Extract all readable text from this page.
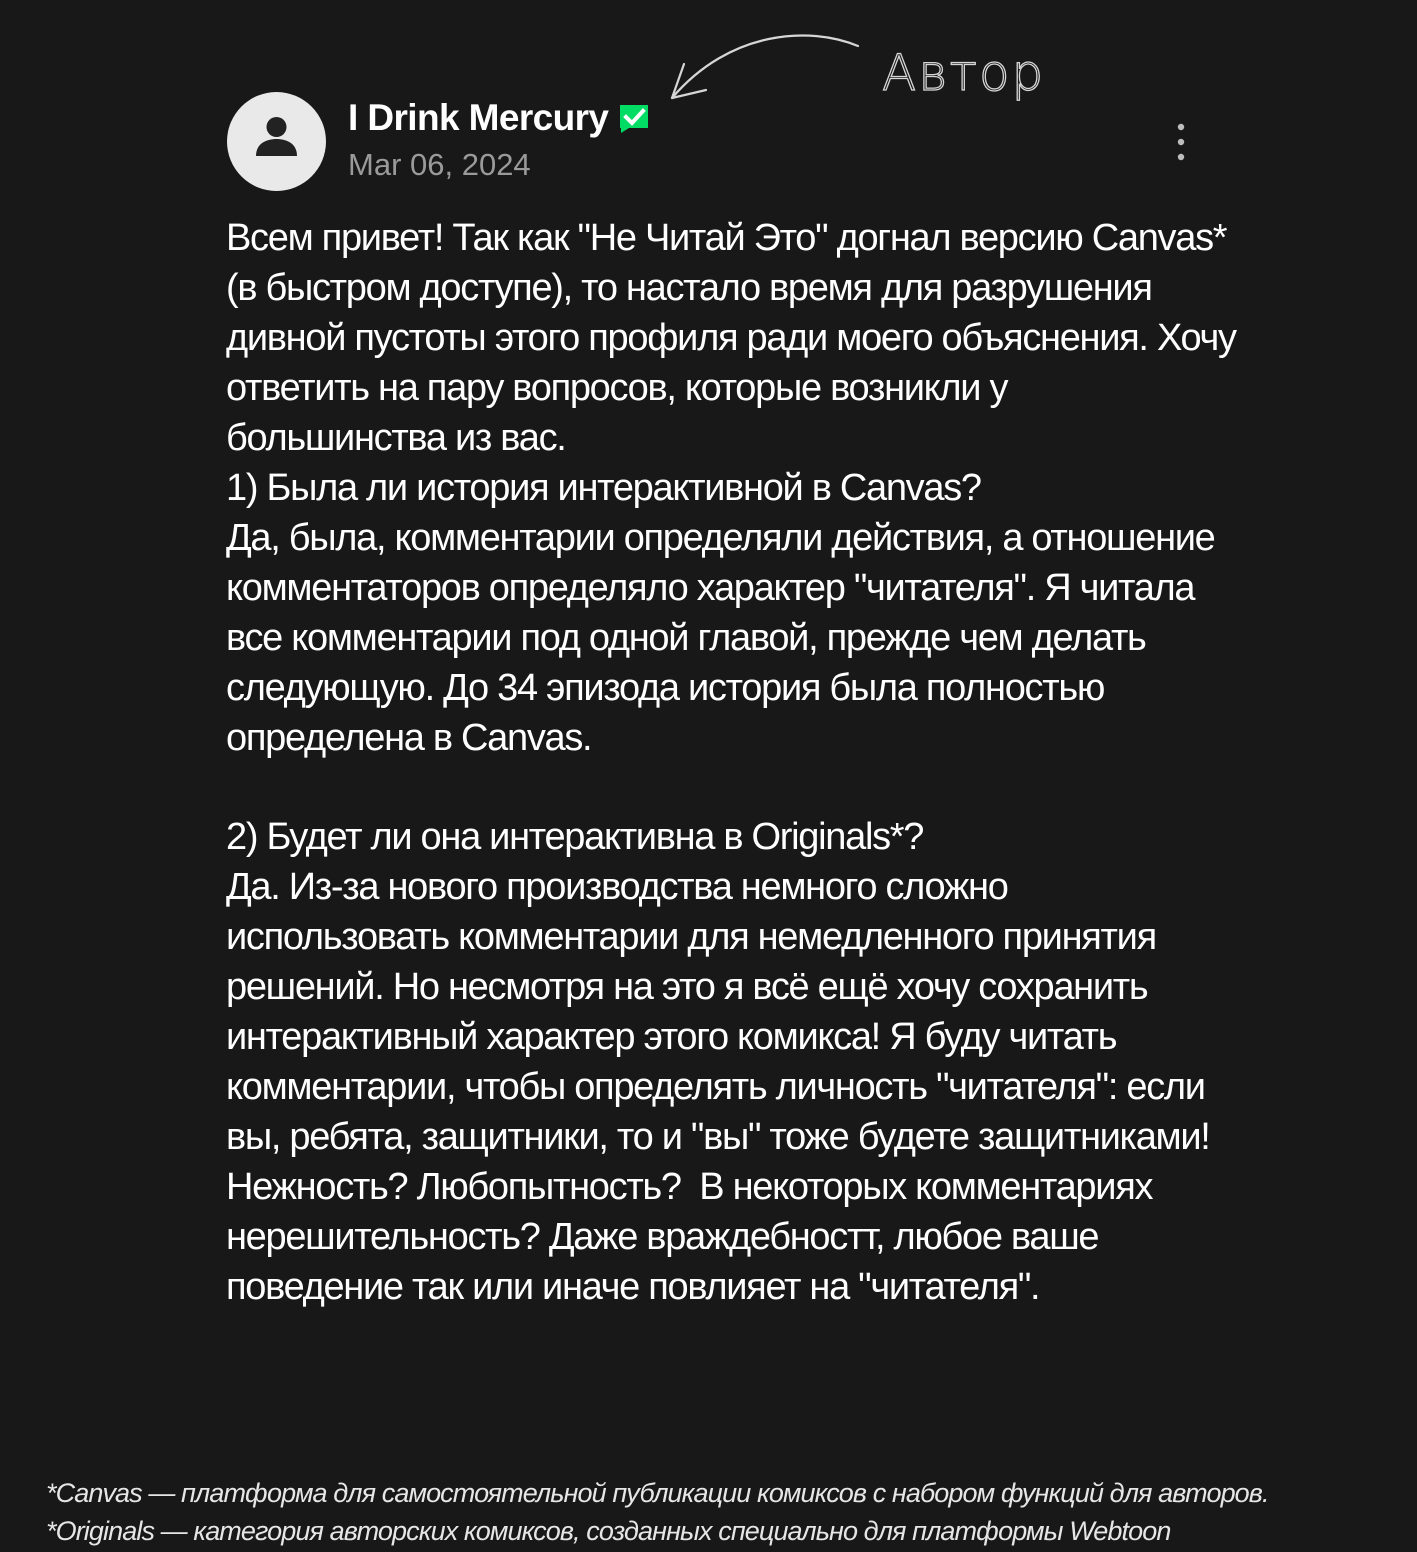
I Drink Mercury
Mar 06, 2024
Автор
Всем привет! Так как "Не Читай Это" догнал версию Canvas* (в быстром доступе), то настало время для разрушения дивной пустоты этого профиля ради моего объяснения. Хочу ответить на пару вопросов, которые возникли у большинства из вас.
1) Была ли история интерактивной в Canvas?
Да, была, комментарии определяли действия, а отношение комментаторов определяло характер "читателя". Я читала все комментарии под одной главой, прежде чем делать следующую. До 34 эпизода история была полностью определена в Canvas.

2) Будет ли она интерактивна в Originals*?
Да. Из-за нового производства немного сложно использовать комментарии для немедленного принятия решений. Но несмотря на это я всё ещё хочу сохранить интерактивный характер этого комикса! Я буду читать комментарии, чтобы определять личность "читателя": если вы, ребята, защитники, то и "вы" тоже будете защитниками! Нежность? Любопытность?  В некоторых комментариях нерешительность? Даже враждебностт, любое ваше поведение так или иначе повлияет на "читателя".
*Canvas — платформа для самостоятельной публикации комиксов с набором функций для авторов.
*Originals — категория авторских комиксов, созданных специально для платформы Webtoon
